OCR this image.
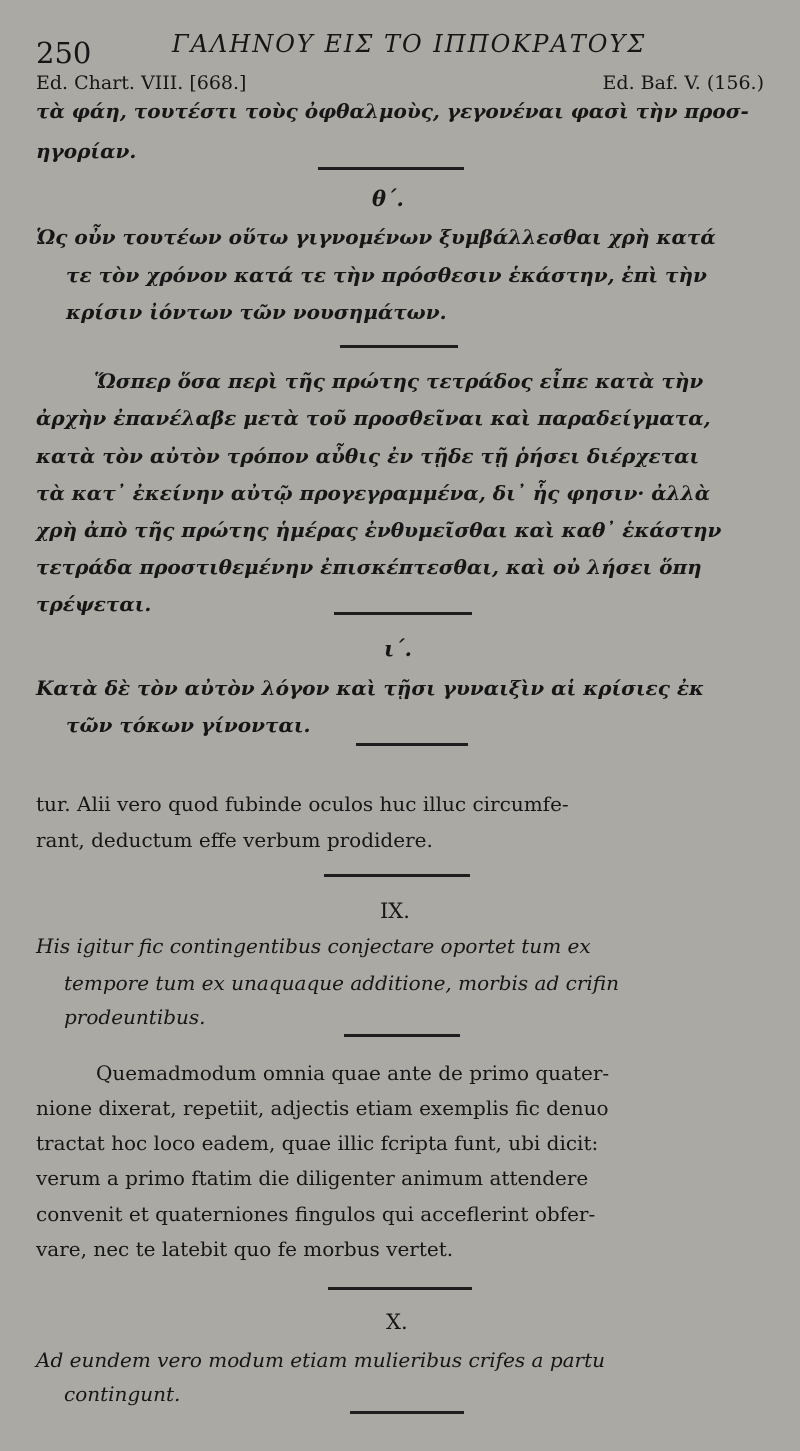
250	ΓΑΛΗΝΟΥ ΕΙΣ ΤΟ ΙΠΠΟΚΡΑΤΟΥΣ
Ed. Chart. VIII. [668.]	Ed. Baf. V. (156.)
τὰ φάη, τουτέστι τοὺς ὀφθαλμοὺς, γεγονέναι φασὶ τὴν προσ-
ηγορίαν.
θ΄.
Ὡς οὖν τουτέων οὕτω γιγνομένων ξυμβάλλεσθαι χρὴ κατά
τε τὸν χρόνον κατά τε τὴν πρόσθεσιν ἑκάστην, ἐπὶ τὴν
κρίσιν ἰόντων τῶν νουσημάτων.
Ὥσπερ ὅσα περὶ τῆς πρώτης τετράδος εἶπε κατὰ τὴν
ἀρχὴν ἐπανέλαβε μετὰ τοῦ προσθεῖναι καὶ παραδείγματα,
κατὰ τὸν αὐτὸν τρόπον αὖθις ἐν τῇδε τῇ ῥήσει διέρχεται
τὰ κατ᾽ ἐκείνην αὐτῷ προγεγραμμένα, δι᾽ ἧς φησιν· ἀλλὰ
χρὴ ἀπὸ τῆς πρώτης ἡμέρας ἐνθυμεῖσθαι καὶ καθ᾽ ἑκάστην
τετράδα προστιθεμένην ἐπισκέπτεσθαι, καὶ οὐ λήσει ὅπη
τρέψεται.
ι΄.
Κατὰ δὲ τὸν αὐτὸν λόγον καὶ τῇσι γυναιξὶν αἱ κρίσιες ἐκ
τῶν τόκων γίνονται.
tur. Alii vero quod fubinde oculos huc illuc circumfe-
rant, deductum effe verbum prodidere.
IX.
His igitur fic contingentibus conjectare oportet tum ex
tempore tum ex unaquaque additione, morbis ad crifin
prodeuntibus.
Quemadmodum omnia quae ante de primo quater-
nione dixerat, repetiit, adjectis etiam exemplis fic denuo
tractat hoc loco eadem, quae illic fcripta funt, ubi dicit:
verum a primo ftatim die diligenter animum attendere
convenit et quaterniones fingulos qui acceflerint obfer-
vare, nec te latebit quo fe morbus vertet.
X.
Ad eundem vero modum etiam mulieribus crifes a partu
contingunt.
